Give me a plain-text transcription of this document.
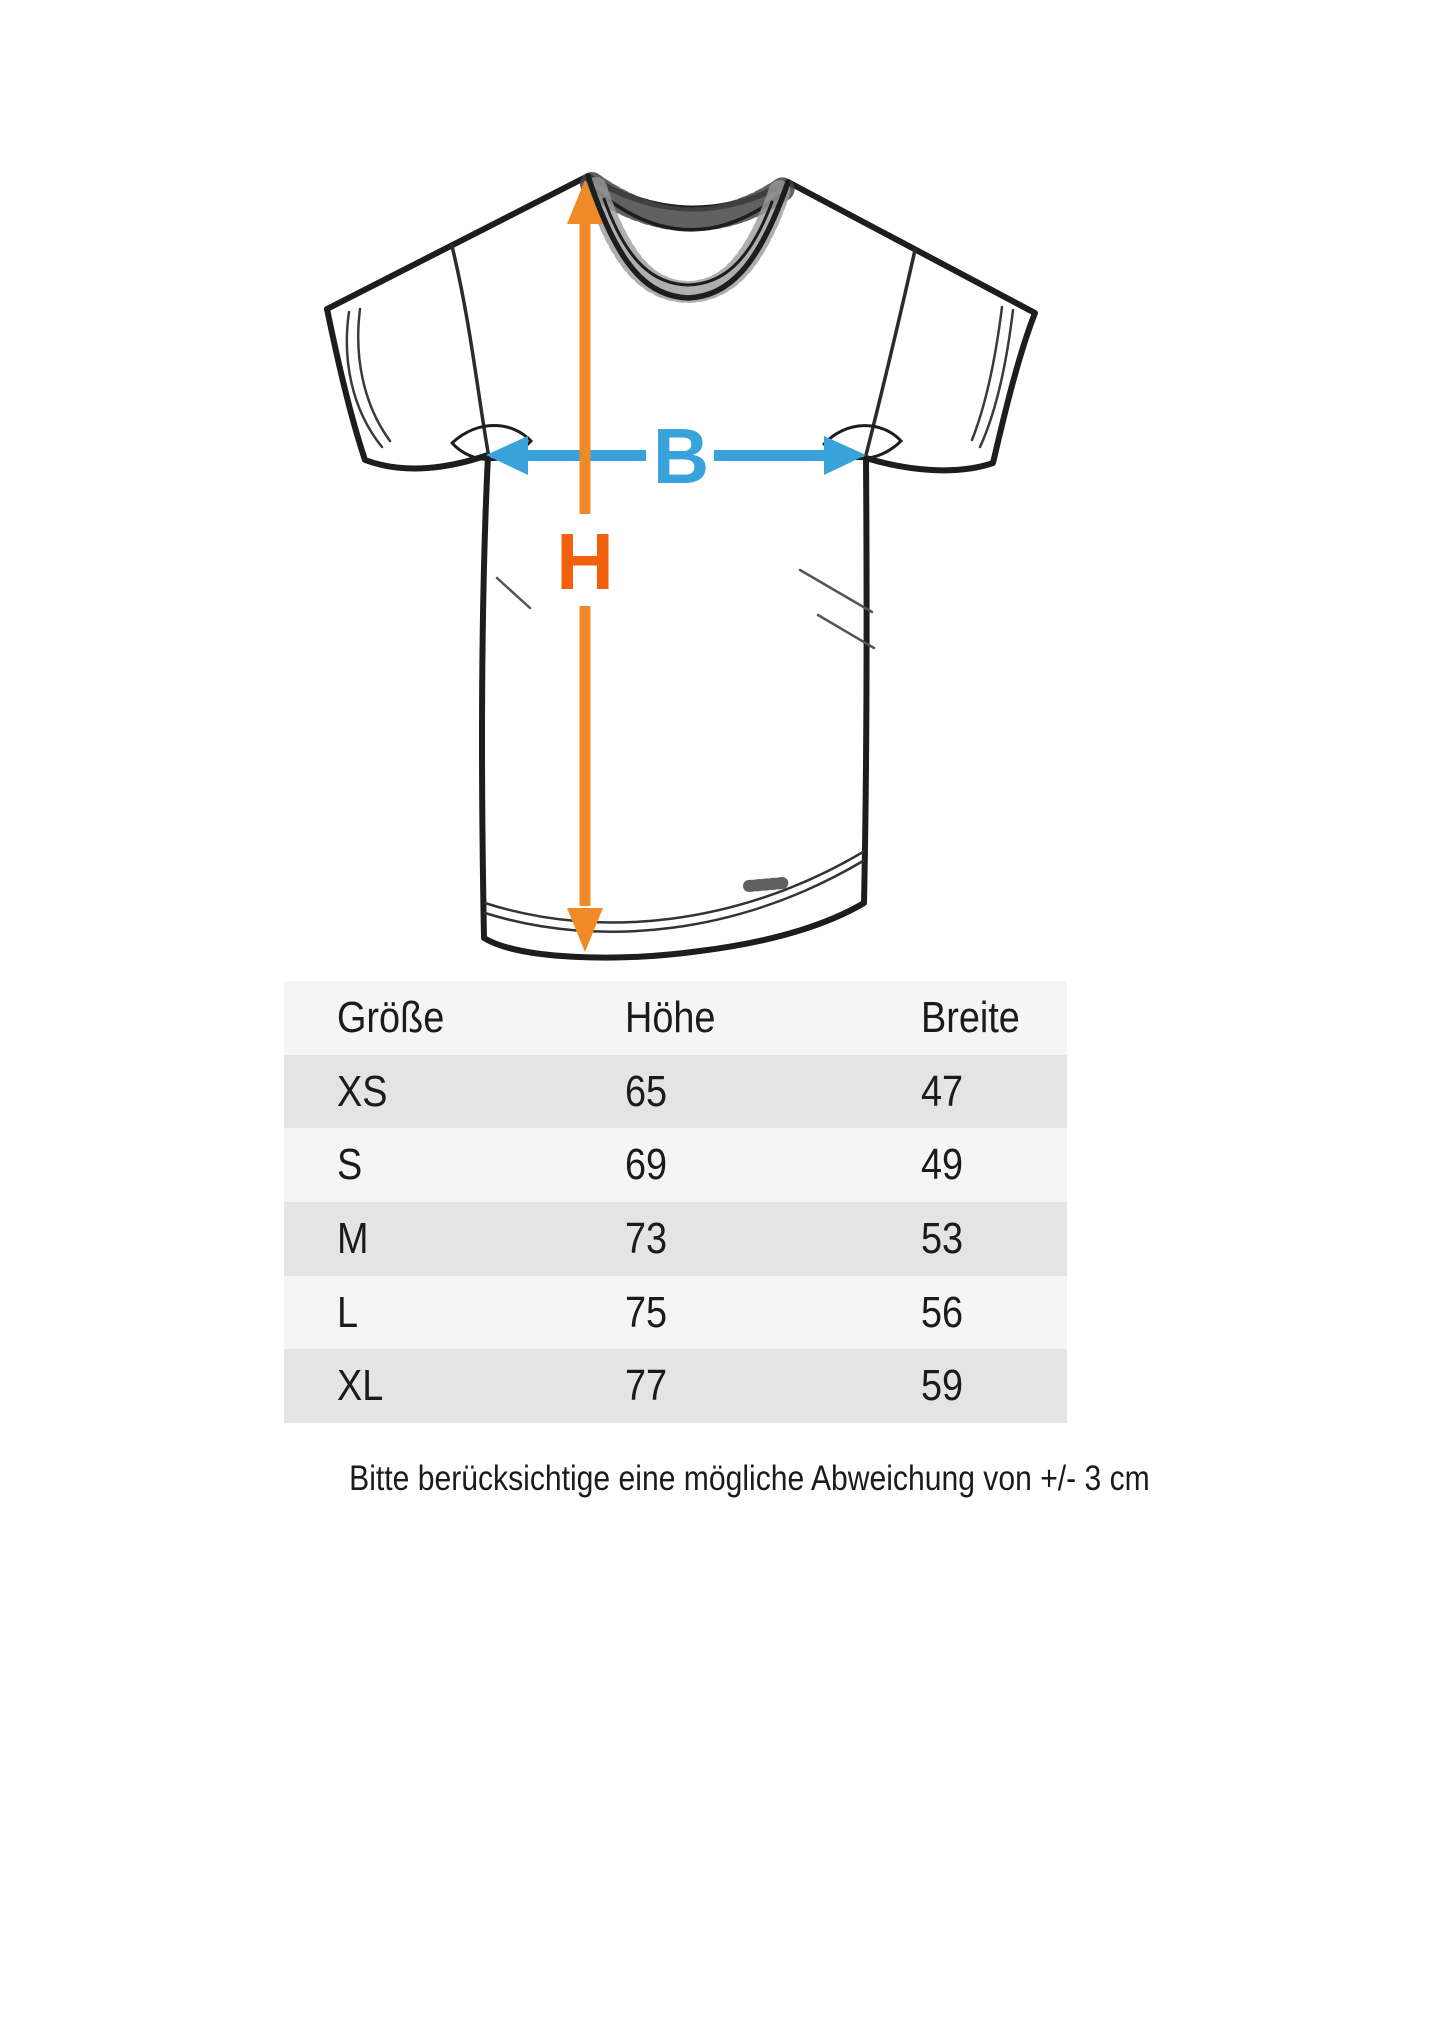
H
B
Größe	Höhe	Breite
XS	65	47
S	69	49
M	73	53
L	75	56
XL	77	59
Bitte berücksichtige eine mögliche Abweichung von +/- 3 cm
